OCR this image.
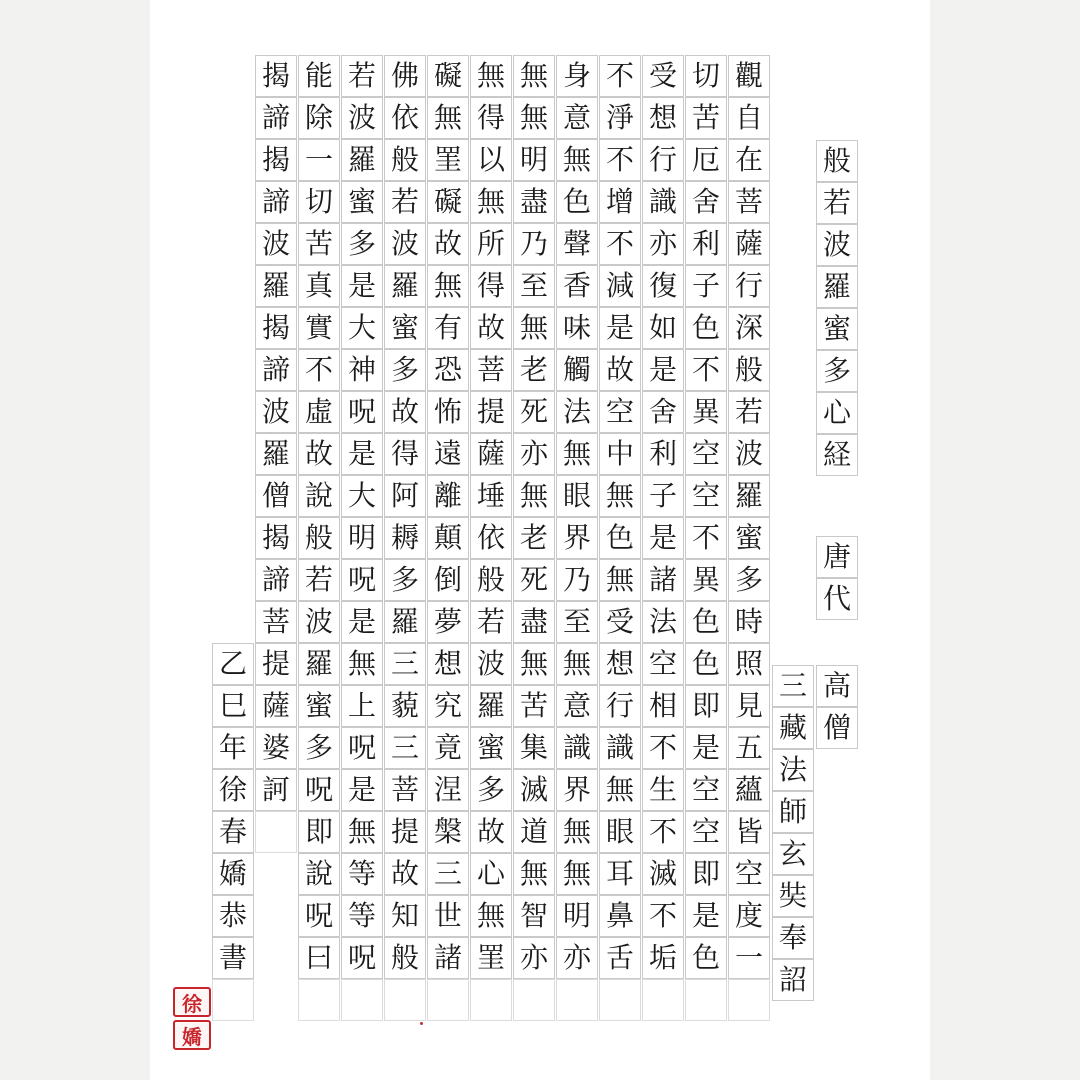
觀
自
在
菩
薩
行
深
般
若
波
羅
蜜
多
時
照
見
五
蘊
皆
空
度
一
切
苦
厄
舍
利
子
色
不
異
空
空
不
異
色
色
即
是
空
空
即
是
色
受
想
行
識
亦
復
如
是
舍
利
子
是
諸
法
空
相
不
生
不
滅
不
垢
不
淨
不
增
不
減
是
故
空
中
無
色
無
受
想
行
識
無
眼
耳
鼻
舌
身
意
無
色
聲
香
味
觸
法
無
眼
界
乃
至
無
意
識
界
無
無
明
亦
無
無
明
盡
乃
至
無
老
死
亦
無
老
死
盡
無
苦
集
滅
道
無
智
亦
無
得
以
無
所
得
故
菩
提
薩
埵
依
般
若
波
羅
蜜
多
故
心
無
罣
礙
無
罣
礙
故
無
有
恐
怖
遠
離
顛
倒
夢
想
究
竟
涅
槃
三
世
諸
佛
依
般
若
波
羅
蜜
多
故
得
阿
耨
多
羅
三
藐
三
菩
提
故
知
般
若
波
羅
蜜
多
是
大
神
呪
是
大
明
呪
是
無
上
呪
是
無
等
等
呪
能
除
一
切
苦
真
實
不
虛
故
說
般
若
波
羅
蜜
多
呪
即
說
呪
曰
揭
諦
揭
諦
波
羅
揭
諦
波
羅
僧
揭
諦
菩
提
薩
婆
訶
乙
巳
年
徐
春
嬌
恭
書
般
若
波
羅
蜜
多
心
経
唐
代
高
僧
三
藏
法
師
玄
奘
奉
詔
徐
嬌
